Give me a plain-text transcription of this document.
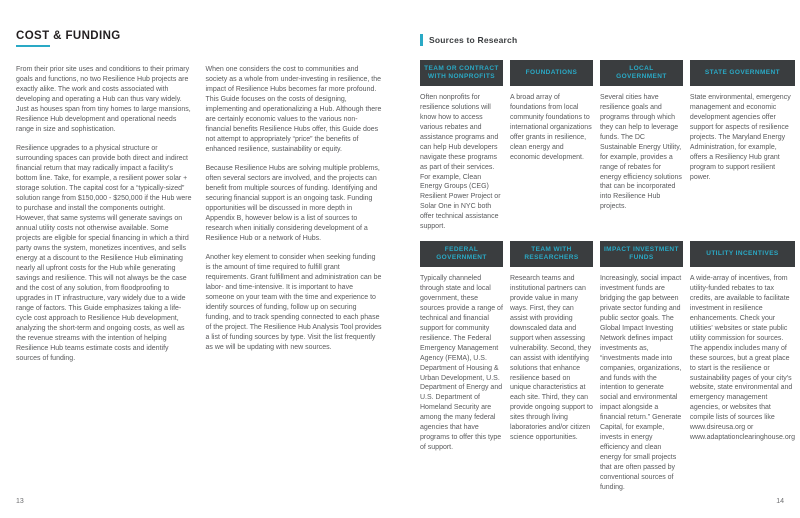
COST & FUNDING

From their prior site uses and conditions to their primary goals and functions, no two Resilience Hub projects are exactly alike. The work and costs associated with developing and operating a Hub can thus vary widely. Just as houses span from tiny homes to large mansions, Resilience Hub development and operational needs range in size and sophistication.

Resilience upgrades to a physical structure or surrounding spaces can provide both direct and indirect financial return that may radically impact a facility's bottom line. Take, for example, a resilient power solar + storage solution. The capital cost for a “typically-sized” solution range from $150,000 - $250,000 if the Hub were to purchase and install the components outright. However, that same systems will generate savings on annual utility costs not otherwise available. Some projects are eligible for special financing in which a third party owns the system, monetizes incentives, and sells energy at a discount to the Resilience Hub eliminating nearly all upfront costs for the Hub while generating savings and resilience. This will not always be the case and the cost of any solution, from floodproofing to upgrades in IT infrastructure, vary widely due to a wide range of factors. This Guide emphasizes taking a life-cycle cost approach to Resilience Hub development, analyzing the short-term and ongoing costs, as well as the revenue streams with the intention of helping Resilience Hub teams estimate costs and identify sources of funding.

When one considers the cost to communities and society as a whole from under-investing in resilience, the impact of Resilience Hubs becomes far more profound. This Guide focuses on the costs of designing, implementing and operationalizing a Hub. Although there are certainly economic values to the various non-financial benefits Resilience Hubs offer, this Guide does not attempt to appropriately “price” the benefits of enhanced resilience, sustainability or equity.

Because Resilience Hubs are solving multiple problems, often several sectors are involved, and the projects can benefit from multiple sources of funding. Identifying and securing financial support is an ongoing task. Funding opportunities will be discussed in more depth in Appendix B, however below is a list of sources to research when initially considering development of a Resilience Hub or a network of Hubs.

Another key element to consider when seeking funding is the amount of time required to fulfill grant requirements. Grant fulfillment and administration can be labor- and time-intensive. It is important to have someone on your team with the time and experience to identify sources of funding, follow up on securing funding, and to track spending connected to each phase of the project. The Resilience Hub Analysis Tool provides a list of funding sources by type. Visit the list frequently as we will be updating with new sources.

13
Sources to Research
TEAM OR CONTRACT WITH NONPROFITS

Often nonprofits for resilience solutions will know how to access various rebates and assistance programs and can help Hub developers navigate these programs as part of their services. For example, Clean Energy Groups (CEG) Resilient Power Project or Solar One in NYC both offer technical assistance support.

FOUNDATIONS

A broad array of foundations from local community foundations to international organizations offer grants in resilience, clean energy and economic development.

LOCAL GOVERNMENT

Several cities have resilience goals and programs through which they can help to leverage funds. The DC Sustainable Energy Utility, for example, provides a range of rebates for energy efficiency solutions that can be incorporated into Resilience Hub projects.

STATE GOVERNMENT

State environmental, emergency management and economic development agencies offer support for aspects of resilience projects. The Maryland Energy Administration, for example, offers a Resiliency Hub grant program to support resilient power.

FEDERAL GOVERNMENT

Typically channeled through state and local government, these sources provide a range of technical and financial support for community resilience. The Federal Emergency Management Agency (FEMA), U.S. Department of Housing & Urban Development, U.S. Department of Energy and U.S. Department of Homeland Security are among the many federal agencies that have programs to offer this type of support.

TEAM WITH RESEARCHERS

Research teams and institutional partners can provide value in many ways. First, they can assist with providing downscaled data and support when assessing vulnerability. Second, they can assist with identifying solutions that enhance resilience based on unique characteristics at each site. Third, they can provide ongoing support to sites through living laboratories and/or citizen science opportunities.

IMPACT INVESTMENT FUNDS

Increasingly, social impact investment funds are bridging the gap between private sector funding and public sector goals. The Global Impact Investing Network defines impact investments as, “investments made into companies, organizations, and funds with the intention to generate social and environmental impact alongside a financial return.” Generate Capital, for example, invests in energy efficiency and clean energy for small projects that are often passed by conventional sources of funding.

UTILITY INCENTIVES

A wide-array of incentives, from utility-funded rebates to tax credits, are available to facilitate investment in resilience enhancements. Check your utilities' websites or state public utility commission for sources. The appendix includes many of these sources, but a great place to start is the resilience or sustainability pages of your city's website, state environmental and emergency management agencies, or websites that compile lists of sources like www.dsireusa.org or www.adaptationclearinghouse.org

14
